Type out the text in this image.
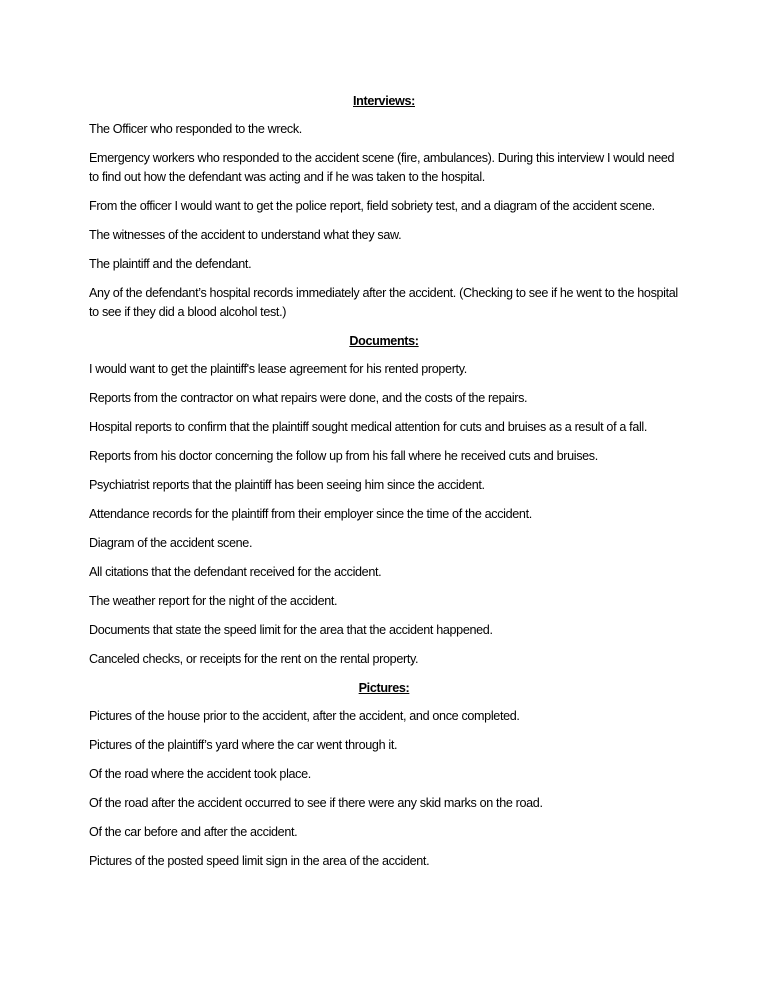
Interviews:

The Officer who responded to the wreck.

Emergency workers who responded to the accident scene (fire, ambulances). During this interview I would need to find out how the defendant was acting and if he was taken to the hospital.

From the officer I would want to get the police report, field sobriety test, and a diagram of the accident scene.

The witnesses of the accident to understand what they saw.

The plaintiff and the defendant.

Any of the defendant’s hospital records immediately after the accident. (Checking to see if he went to the hospital to see if they did a blood alcohol test.)

Documents:

I would want to get the plaintiff's lease agreement for his rented property.

Reports from the contractor on what repairs were done, and the costs of the repairs.

Hospital reports to confirm that the plaintiff sought medical attention for cuts and bruises as a result of a fall.

Reports from his doctor concerning the follow up from his fall where he received cuts and bruises.

Psychiatrist reports that the plaintiff has been seeing him since the accident.

Attendance records for the plaintiff from their employer since the time of the accident.

Diagram of the accident scene.

All citations that the defendant received for the accident.

The weather report for the night of the accident.

Documents that state the speed limit for the area that the accident happened.

Canceled checks, or receipts for the rent on the rental property.

Pictures:

Pictures of the house prior to the accident, after the accident, and once completed.

Pictures of the plaintiff’s yard where the car went through it.

Of the road where the accident took place.

Of the road after the accident occurred to see if there were any skid marks on the road.

Of the car before and after the accident.

Pictures of the posted speed limit sign in the area of the accident.
